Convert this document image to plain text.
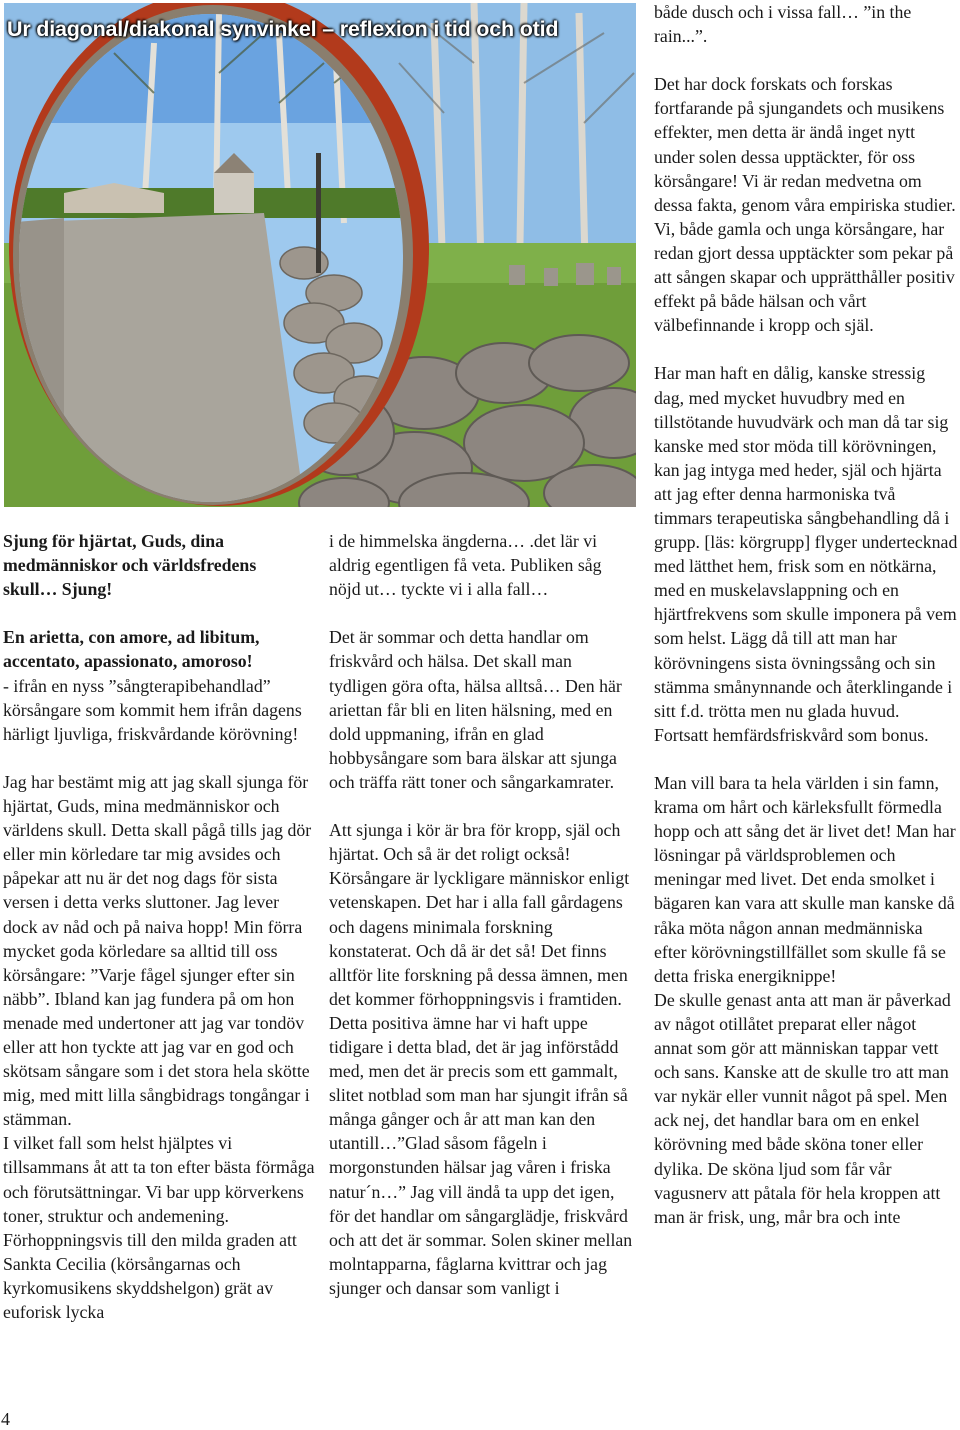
Ur diagonal/diakonal synvinkel – reflexion i tid och otid

Sjung för hjärtat, Guds, dina medmänniskor och världsfredens skull… Sjung!

En arietta, con amore, ad libitum, accentato, apassionato, amoroso!

- ifrån en nyss ”sångterapibehandlad” körsångare som kommit hem ifrån dagens härligt ljuvliga, friskvårdande körövning!

Jag har bestämt mig att jag skall sjunga för hjärtat, Guds, mina medmänniskor och världens skull. Detta skall pågå tills jag dör eller min körledare tar mig avsides och påpekar att nu är det nog dags för sista versen i detta verks sluttoner. Jag lever dock av nåd och på naiva hopp! Min förra mycket goda körledare sa alltid till oss körsångare: ”Varje fågel sjunger efter sin näbb”. Ibland kan jag fundera på om hon menade med undertoner att jag var tondöv eller att hon tyckte att jag var en god och skötsam sångare som i det stora hela skötte mig, med mitt lilla sångbidrags tongångar i stämman.

I vilket fall som helst hjälptes vi tillsammans åt att ta ton efter bästa förmåga och förutsättningar. Vi bar upp körverkens toner, struktur och andemening. Förhoppningsvis till den milda graden att Sankta Cecilia (körsångarnas och kyrkomusikens skyddshelgon) grät av euforisk lycka

i de himmelska ängderna… .det lär vi aldrig egentligen få veta. Publiken såg nöjd ut… tyckte vi i alla fall…

Det är sommar och detta handlar om friskvård och hälsa. Det skall man tydligen göra ofta, hälsa alltså… Den här ariettan får bli en liten hälsning, med en dold uppmaning, ifrån en glad hobbysångare som bara älskar att sjunga och träffa rätt toner och sångarkamrater.

Att sjunga i kör är bra för kropp, själ och hjärtat. Och så är det roligt också! Körsångare är lyckligare människor enligt vetenskapen. Det har i alla fall gårdagens och dagens minimala forskning konstaterat. Och då är det så! Det finns alltför lite forskning på dessa ämnen, men det kommer förhoppningsvis i framtiden. Detta positiva ämne har vi haft uppe tidigare i detta blad, det är jag införstådd med, men det är precis som ett gammalt, slitet notblad som man har sjungit ifrån så många gånger och år att man kan den utantill…”Glad såsom fågeln i morgonstunden hälsar jag våren i friska natur´n…” Jag vill ändå ta upp det igen, för det handlar om sångarglädje, friskvård och att det är sommar. Solen skiner mellan molntapparna, fåglarna kvittrar och jag sjunger och dansar som vanligt i

både dusch och i vissa fall… ”in the rain...”.

Det har dock forskats och forskas fortfarande på sjungandets och musikens effekter, men detta är ändå inget nytt under solen dessa upptäckter, för oss körsångare! Vi är redan medvetna om dessa fakta, genom våra empiriska studier. Vi, både gamla och unga körsångare, har redan gjort dessa upptäckter som pekar på att sången skapar och upprätthåller positiv effekt på både hälsan och vårt välbefinnande i kropp och själ.

Har man haft en dålig, kanske stressig dag, med mycket huvudbry med en tillstötande huvudvärk och man då tar sig kanske med stor möda till körövningen, kan jag intyga med heder, själ och hjärta att jag efter denna harmoniska två timmars terapeutiska sångbehandling då i grupp. [läs: körgrupp] flyger undertecknad med lätthet hem, frisk som en nötkärna, med en muskelavslappning och en hjärtfrekvens som skulle imponera på vem som helst. Lägg då till att man har körövningens sista övningssång och sin stämma smånynnande och återklingande i sitt f.d. trötta men nu glada huvud. Fortsatt hemfärdsfriskvård som bonus.

Man vill bara ta hela världen i sin famn, krama om hårt och kärleksfullt förmedla hopp och att sång det är livet det! Man har lösningar på världsproblemen och meningar med livet. Det enda smolket i bägaren kan vara att skulle man kanske då råka möta någon annan medmänniska efter körövningstillfället som skulle få se detta friska energiknippe!

De skulle genast anta att man är påverkad av något otillåtet preparat eller något annat som gör att människan tappar vett och sans. Kanske att de skulle tro att man var nykär eller vunnit något på spel. Men ack nej, det handlar bara om en enkel körövning med både sköna toner eller dylika. De sköna ljud som får vår vagusnerv att påtala för hela kroppen att man är frisk, ung, mår bra och inte

4
